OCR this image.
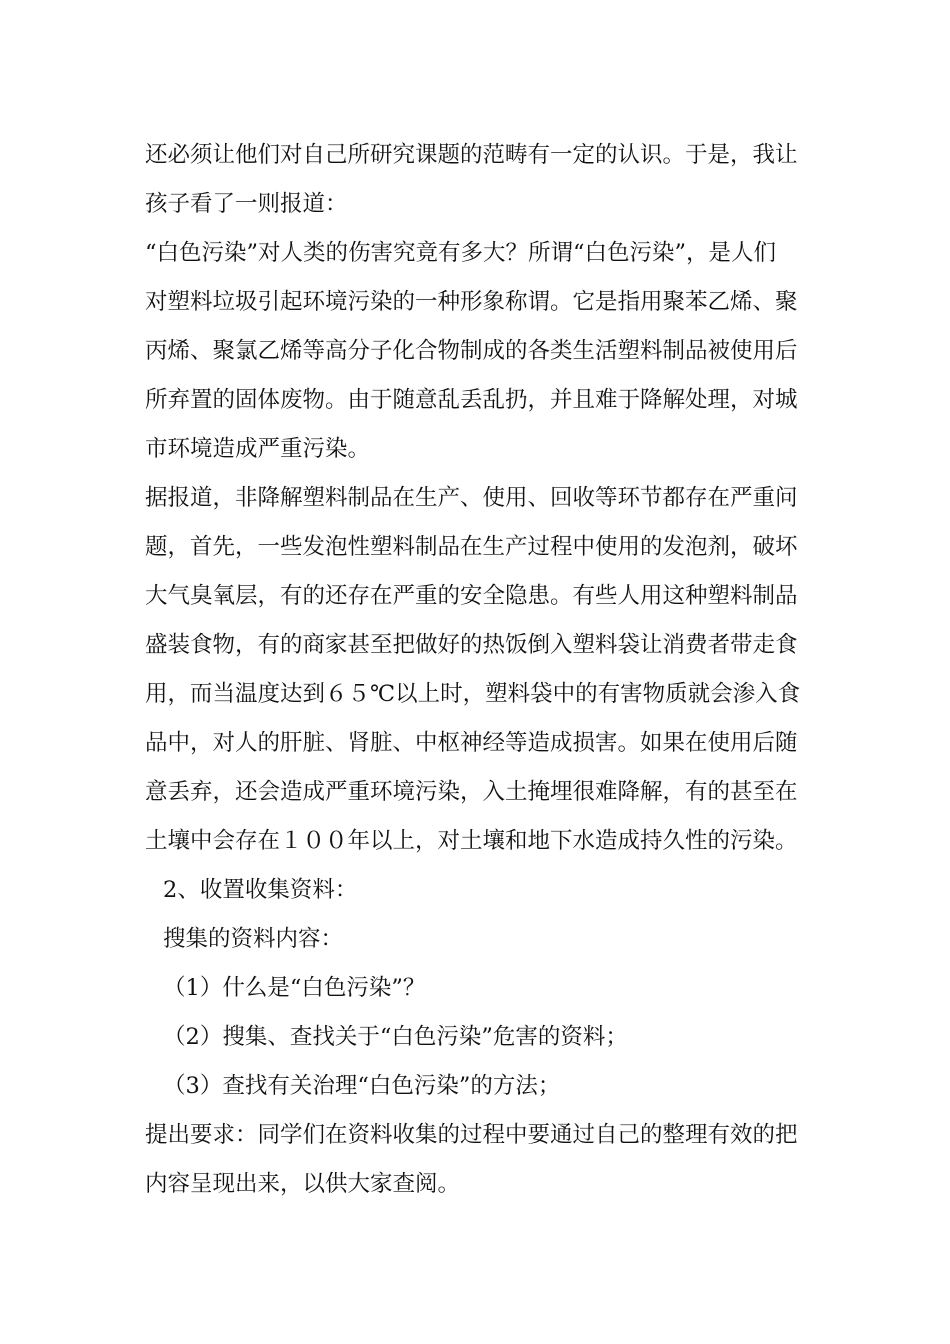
还必须让他们对自己所研究课题的范畴有一定的认识。于是，我让
孩子看了一则报道：

“白色污染”对人类的伤害究竟有多大？所谓“白色污染”，是人们
对塑料垃圾引起环境污染的一种形象称谓。它是指用聚苯乙烯、聚
丙烯、聚氯乙烯等高分子化合物制成的各类生活塑料制品被使用后
所弃置的固体废物。由于随意乱丢乱扔，并且难于降解处理，对城
市环境造成严重污染。

据报道，非降解塑料制品在生产、使用、回收等环节都存在严重问
题，首先，一些发泡性塑料制品在生产过程中使用的发泡剂，破坏
大气臭氧层，有的还存在严重的安全隐患。有些人用这种塑料制品
盛装食物，有的商家甚至把做好的热饭倒入塑料袋让消费者带走食
用，而当温度达到６５℃以上时，塑料袋中的有害物质就会渗入食
品中，对人的肝脏、肾脏、中枢神经等造成损害。如果在使用后随
意丢弃，还会造成严重环境污染，入土掩埋很难降解，有的甚至在
土壤中会存在１００年以上，对土壤和地下水造成持久性的污染。

2、收置收集资料：

搜集的资料内容：

（1）什么是“白色污染”？

（2）搜集、查找关于“白色污染”危害的资料；

（3）查找有关治理“白色污染”的方法；

提出要求：同学们在资料收集的过程中要通过自己的整理有效的把
内容呈现出来，以供大家查阅。
